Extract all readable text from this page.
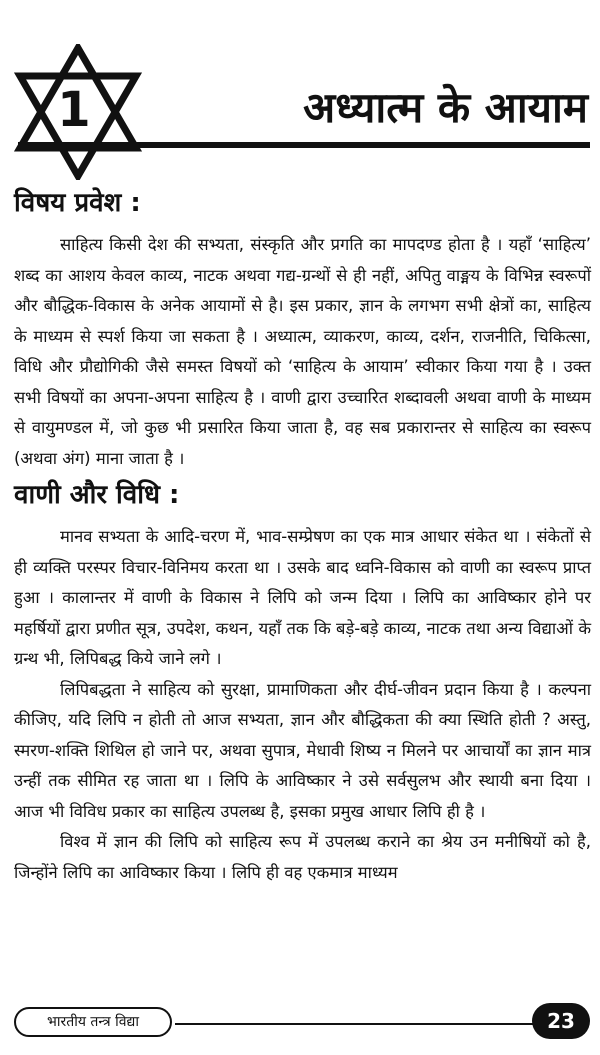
1	अध्यात्म के आयाम
विषय प्रवेश :

साहित्य किसी देश की सभ्यता, संस्कृति और प्रगति का मापदण्ड होता है । यहाँ ‘साहित्य’ शब्द का आशय केवल काव्य, नाटक अथवा गद्य-ग्रन्थों से ही नहीं, अपितु वाङ्मय के विभिन्न स्वरूपों और बौद्धिक-विकास के अनेक आयामों से है। इस प्रकार, ज्ञान के लगभग सभी क्षेत्रों का, साहित्य के माध्यम से स्पर्श किया जा सकता है । अध्यात्म, व्याकरण, काव्य, दर्शन, राजनीति, चिकित्सा, विधि और प्रौद्योगिकी जैसे समस्त विषयों को ‘साहित्य के आयाम’ स्वीकार किया गया है । उक्त सभी विषयों का अपना-अपना साहित्य है । वाणी द्वारा उच्चारित शब्दावली अथवा वाणी के माध्यम से वायुमण्डल में, जो कुछ भी प्रसारित किया जाता है, वह सब प्रकारान्तर से साहित्य का स्वरूप (अथवा अंग) माना जाता है ।

वाणी और विधि :

मानव सभ्यता के आदि-चरण में, भाव-सम्प्रेषण का एक मात्र आधार संकेत था । संकेतों से ही व्यक्ति परस्पर विचार-विनिमय करता था । उसके बाद ध्वनि-विकास को वाणी का स्वरूप प्राप्त हुआ । कालान्तर में वाणी के विकास ने लिपि को जन्म दिया । लिपि का आविष्कार होने पर महर्षियों द्वारा प्रणीत सूत्र, उपदेश, कथन, यहाँ तक कि बड़े-बड़े काव्य, नाटक तथा अन्य विद्याओं के ग्रन्थ भी, लिपिबद्ध किये जाने लगे ।

लिपिबद्धता ने साहित्य को सुरक्षा, प्रामाणिकता और दीर्घ-जीवन प्रदान किया है । कल्पना कीजिए, यदि लिपि न होती तो आज सभ्यता, ज्ञान और बौद्धिकता की क्या स्थिति होती ? अस्तु, स्मरण-शक्ति शिथिल हो जाने पर, अथवा सुपात्र, मेधावी शिष्य न मिलने पर आचार्यों का ज्ञान मात्र उन्हीं तक सीमित रह जाता था । लिपि के आविष्कार ने उसे सर्वसुलभ और स्थायी बना दिया । आज भी विविध प्रकार का साहित्य उपलब्ध है, इसका प्रमुख आधार लिपि ही है ।

विश्व में ज्ञान की लिपि को साहित्य रूप में उपलब्ध कराने का श्रेय उन मनीषियों को है, जिन्होंने लिपि का आविष्कार किया । लिपि ही वह एकमात्र माध्यम

भारतीय तन्त्र विद्या	23
